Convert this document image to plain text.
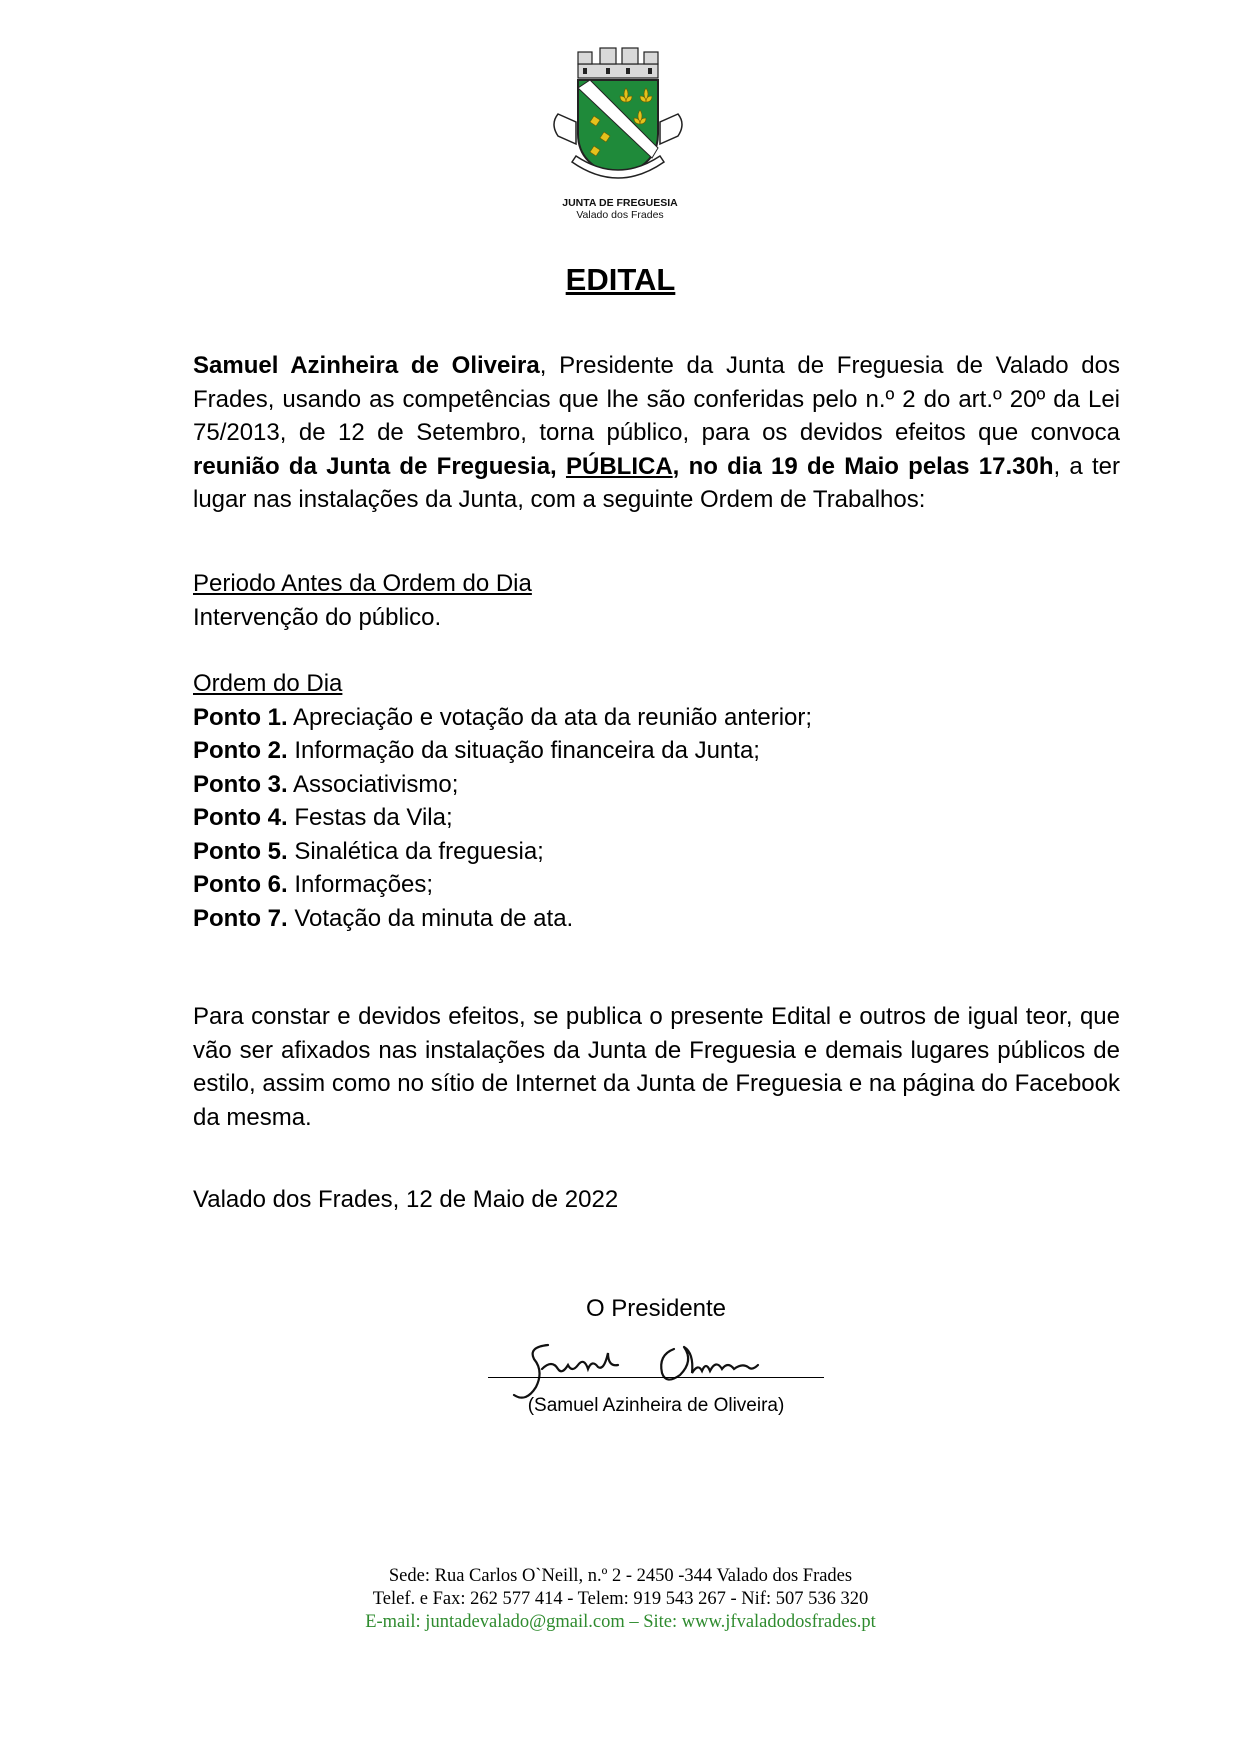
JUNTA DE FREGUESIA
Valado dos Frades
EDITAL
Samuel Azinheira de Oliveira, Presidente da Junta de Freguesia de Valado dos Frades, usando as competências que lhe são conferidas pelo n.º 2 do art.º 20º da Lei 75/2013, de 12 de Setembro, torna público, para os devidos efeitos que convoca reunião da Junta de Freguesia, PÚBLICA, no dia 19 de Maio pelas 17.30h, a ter lugar nas instalações da Junta, com a seguinte Ordem de Trabalhos:
Periodo Antes da Ordem do Dia
Intervenção do público.
Ordem do Dia
Ponto 1. Apreciação e votação da ata da reunião anterior;
Ponto 2. Informação da situação financeira da Junta;
Ponto 3. Associativismo;
Ponto 4. Festas da Vila;
Ponto 5. Sinalética da freguesia;
Ponto 6. Informações;
Ponto 7. Votação da minuta de ata.
Para constar e devidos efeitos, se publica o presente Edital e outros de igual teor, que vão ser afixados nas instalações da Junta de Freguesia e demais lugares públicos de estilo, assim como no sítio de Internet da Junta de Freguesia e na página do Facebook da mesma.
Valado dos Frades, 12 de Maio de 2022
O Presidente
(Samuel Azinheira de Oliveira)
Sede: Rua Carlos O`Neill, n.º 2 - 2450 -344 Valado dos Frades
Telef. e Fax: 262 577 414 - Telem: 919 543 267 - Nif: 507 536 320
E-mail: juntadevalado@gmail.com – Site: www.jfvaladodosfrades.pt
